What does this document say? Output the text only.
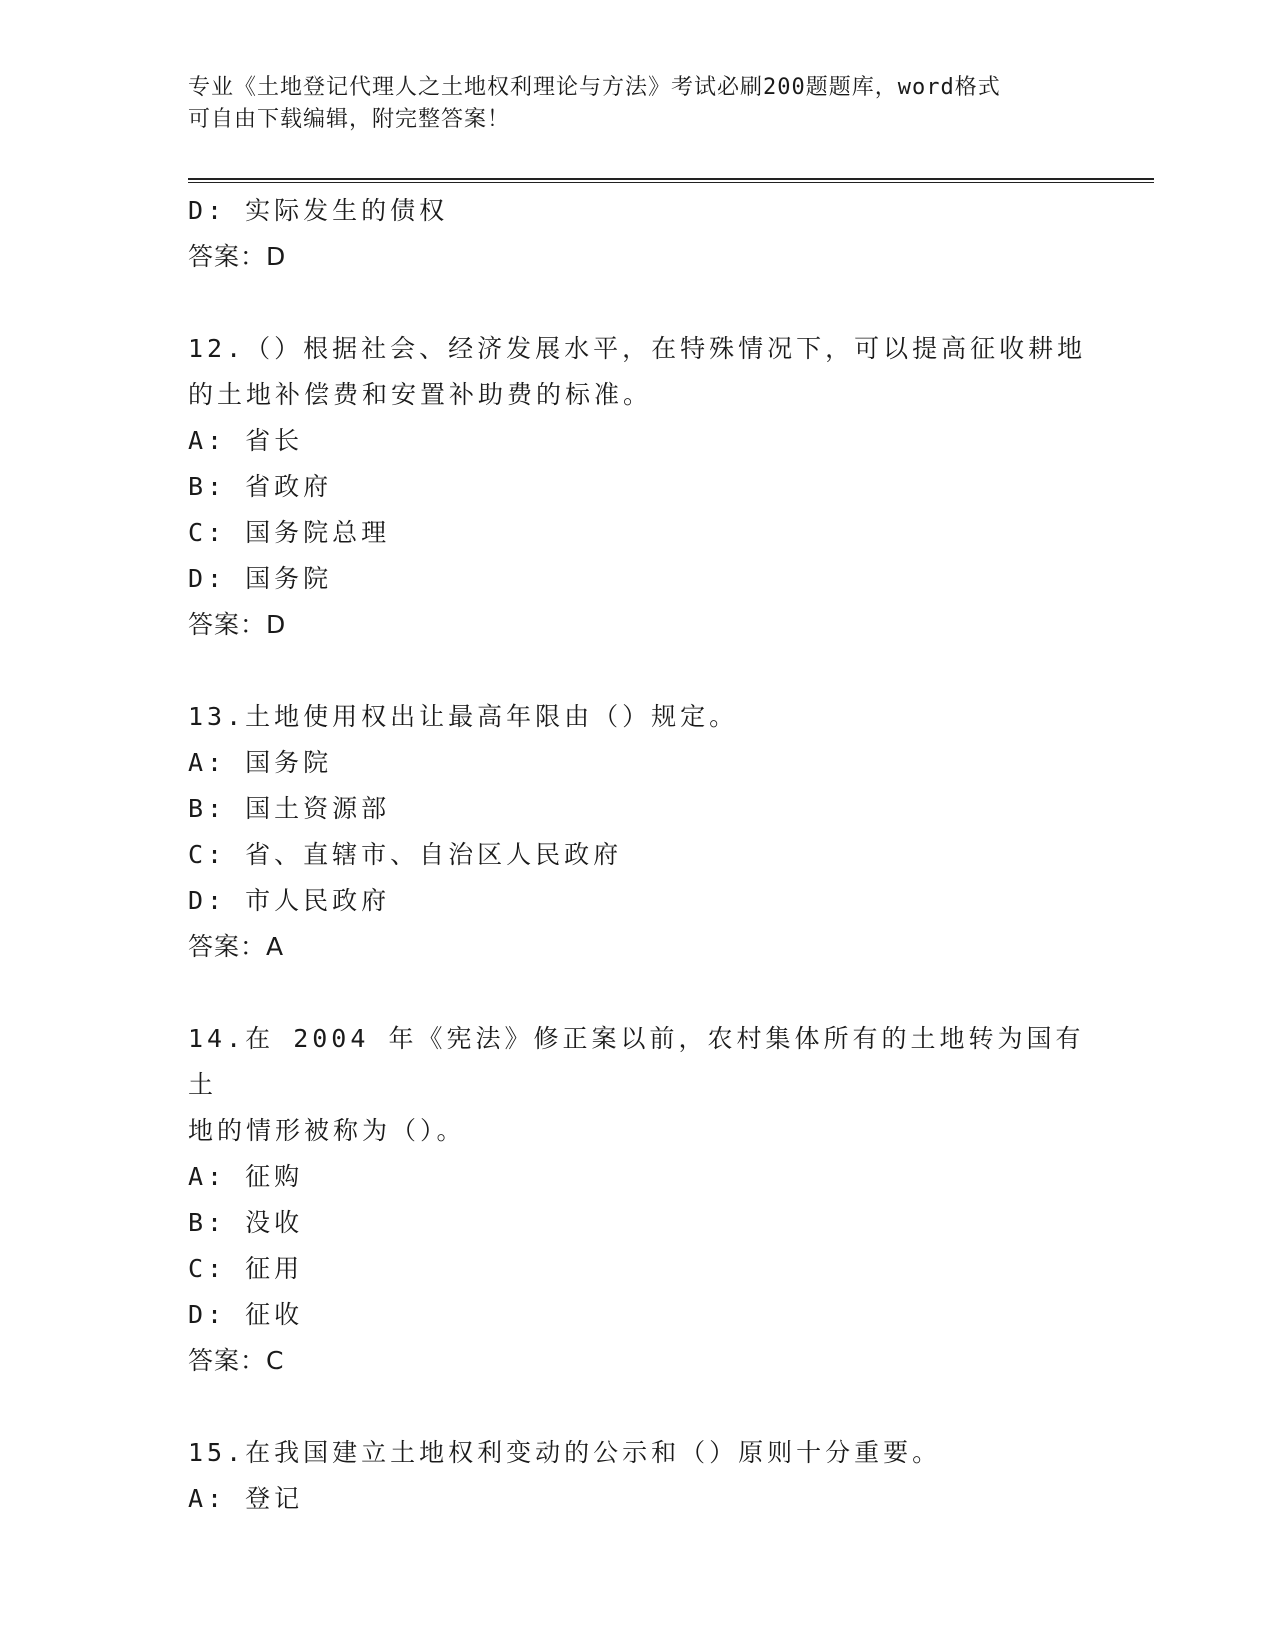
专业《土地登记代理人之土地权利理论与方法》考试必刷200题题库，word格式
可自由下载编辑，附完整答案！
D: 实际发生的债权
答案：D
12.（）根据社会、经济发展水平，在特殊情况下，可以提高征收耕地
的土地补偿费和安置补助费的标准。
A: 省长
B: 省政府
C: 国务院总理
D: 国务院
答案：D
13.土地使用权出让最高年限由（）规定。
A: 国务院
B: 国土资源部
C: 省、直辖市、自治区人民政府
D: 市人民政府
答案：A
14.在 2004 年《宪法》修正案以前，农村集体所有的土地转为国有土
地的情形被称为（）。
A: 征购
B: 没收
C: 征用
D: 征收
答案：C
15.在我国建立土地权利变动的公示和（）原则十分重要。
A: 登记
